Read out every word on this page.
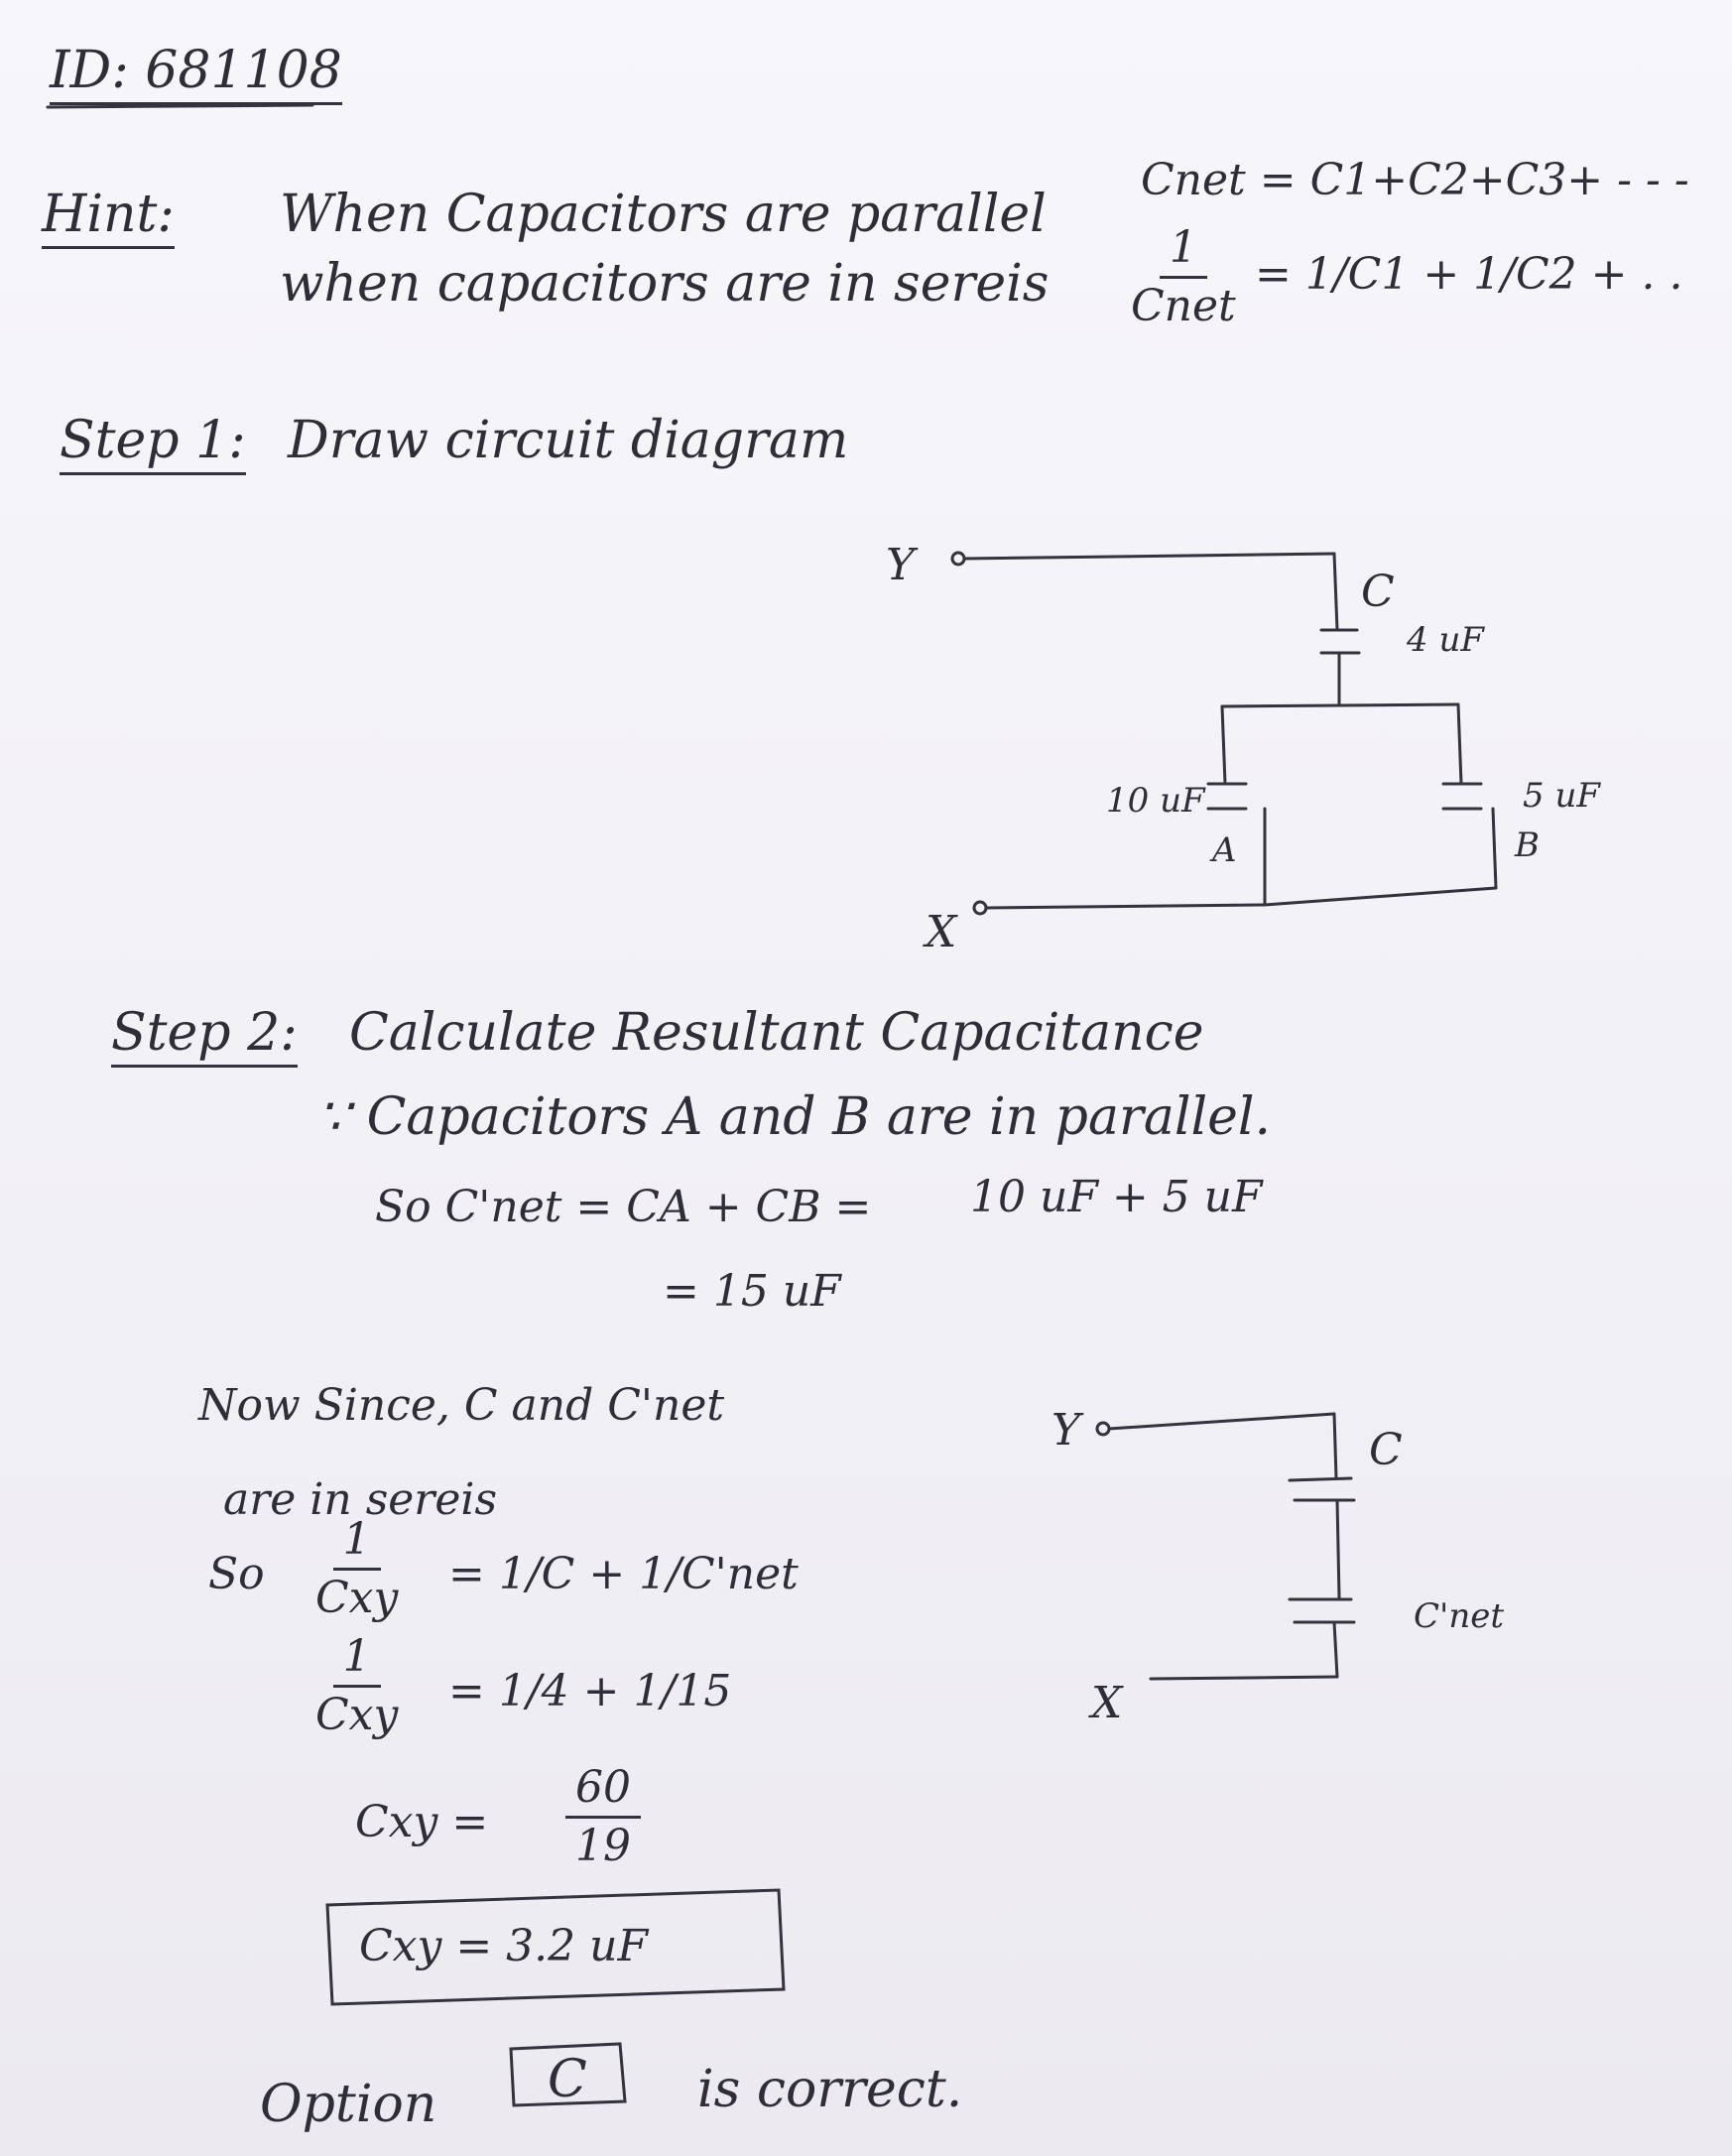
ID: 681108
Hint: When Capacitors are parallel
Cnet = C1+C2+C3+ - - -
when capacitors are in sereis
1
Cnet
= 1/C1 + 1/C2 + . .
Step 1: Draw circuit diagram
Y
X
C
4 uF
10 uF
A
5 uF
B
Step 2: Calculate Resultant Capacitance
∵ Capacitors A and B are in parallel.
So C'net = CA + CB = 10 uF + 5 uF
= 15 uF
Now Since, C and C'net
are in sereis
So
1
Cxy = 1/C + 1/C'net
1
Cxy = 1/4 + 1/15
Cxy = $\frac{60}{19}$
Y
X
C
C'net
Cxy = 3.2 uF
Option C is correct.
